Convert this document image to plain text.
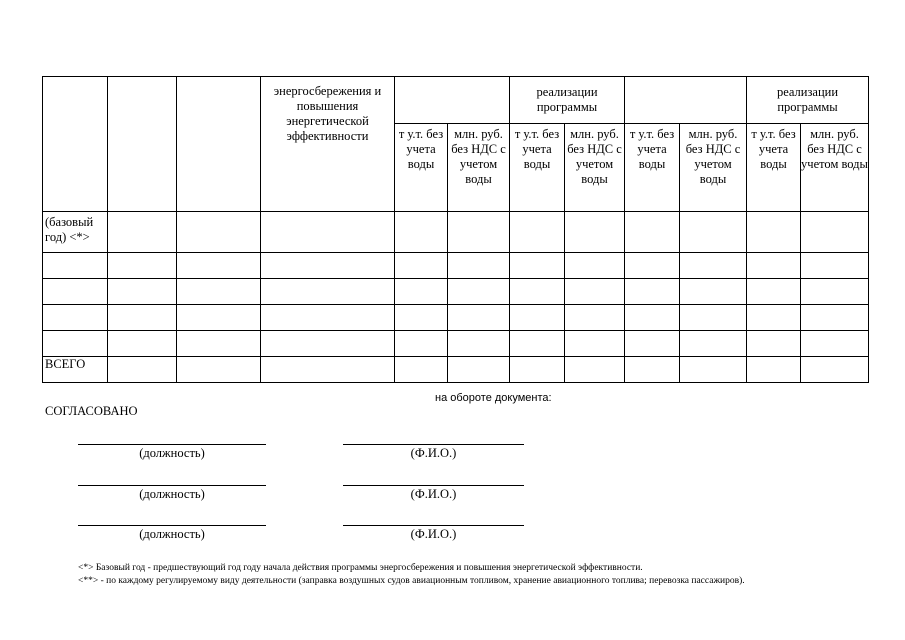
			энергосбережения и повышения энергетической эффективности			реализации программы				реализации программы	

				т у.т. без учета воды	млн. руб. без НДС с учетом воды	т у.т. без учета воды	млн. руб. без НДС с учетом воды	т у.т. без учета воды	млн. руб. без НДС с учетом воды	т у.т. без учета воды	млн. руб. без НДС с учетом воды

(базовый год) <*>											

ВСЕГО											
на обороте документа:
СОГЛАСОВАНО
(должность)	(Ф.И.О.)
(должность)	(Ф.И.О.)
(должность)	(Ф.И.О.)
<*> Базовый год - предшествующий год году начала действия программы энергосбережения и повышения энергетической эффективности.
<**> - по каждому регулируемому виду деятельности (заправка воздушных судов авиационным топливом, хранение авиационного топлива; перевозка пассажиров).
